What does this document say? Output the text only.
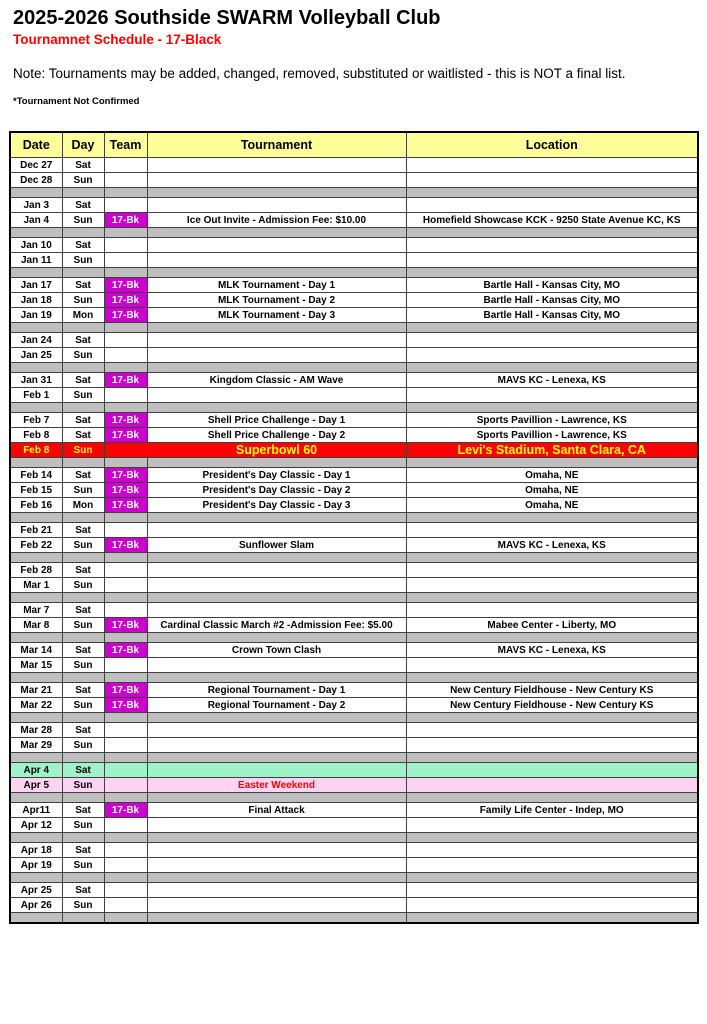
2025-2026 Southside SWARM Volleyball Club

Tournamnet Schedule - 17-Black

Note: Tournaments may be added, changed, removed, substituted or waitlisted - this is NOT a final list.

*Tournament Not Confirmed

Date	Day	Team	Tournament	Location
Dec 27	Sat			
Dec 28	Sun			

Jan 3	Sat			
Jan 4	Sun	17-Bk	Ice Out Invite - Admission Fee: $10.00	Homefield Showcase KCK - 9250 State Avenue KC, KS

Jan 10	Sat			
Jan 11	Sun			

Jan 17	Sat	17-Bk	MLK Tournament - Day 1	Bartle Hall - Kansas City, MO
Jan 18	Sun	17-Bk	MLK Tournament - Day 2	Bartle Hall - Kansas City, MO
Jan 19	Mon	17-Bk	MLK Tournament - Day 3	Bartle Hall - Kansas City, MO

Jan 24	Sat			
Jan 25	Sun			

Jan 31	Sat	17-Bk	Kingdom Classic - AM Wave	MAVS KC - Lenexa, KS
Feb 1	Sun			

Feb 7	Sat	17-Bk	Shell Price Challenge - Day 1	Sports Pavillion - Lawrence, KS
Feb 8	Sat	17-Bk	Shell Price Challenge - Day 2	Sports Pavillion - Lawrence, KS
Feb 8	Sun		Superbowl 60	Levi's Stadium, Santa Clara, CA

Feb 14	Sat	17-Bk	President's Day Classic - Day 1	Omaha, NE
Feb 15	Sun	17-Bk	President's Day Classic - Day 2	Omaha, NE
Feb 16	Mon	17-Bk	President's Day Classic - Day 3	Omaha, NE

Feb 21	Sat			
Feb 22	Sun	17-Bk	Sunflower Slam	MAVS KC - Lenexa, KS

Feb 28	Sat			
Mar 1	Sun			

Mar 7	Sat			
Mar 8	Sun	17-Bk	Cardinal Classic March #2 -Admission Fee: $5.00	Mabee Center - Liberty, MO

Mar 14	Sat	17-Bk	Crown Town Clash	MAVS KC - Lenexa, KS
Mar 15	Sun			

Mar 21	Sat	17-Bk	Regional Tournament - Day 1	New Century Fieldhouse - New Century KS
Mar 22	Sun	17-Bk	Regional Tournament - Day 2	New Century Fieldhouse - New Century KS

Mar 28	Sat			
Mar 29	Sun			

Apr 4	Sat			
Apr 5	Sun		Easter Weekend	

Apr11	Sat	17-Bk	Final Attack	Family Life Center - Indep, MO
Apr 12	Sun			

Apr 18	Sat			
Apr 19	Sun			

Apr 25	Sat			
Apr 26	Sun			
